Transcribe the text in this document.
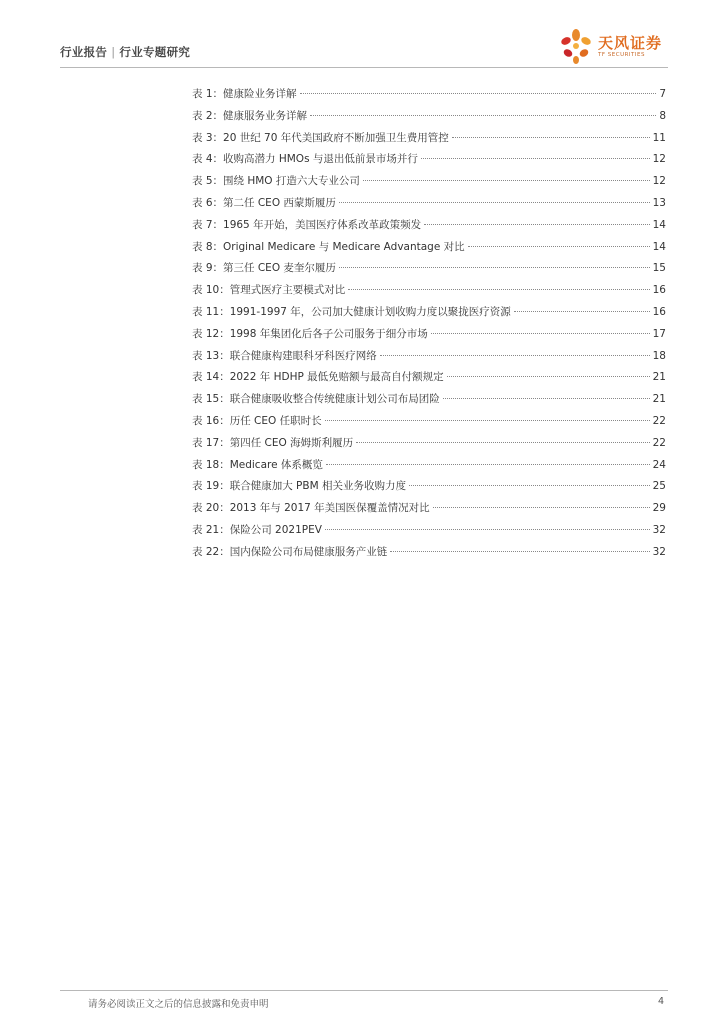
行业报告 | 行业专题研究	天风证券
TF SECURITIES
表 1：健康险业务详解	7
表 2：健康服务业务详解	8
表 3：20 世纪 70 年代美国政府不断加强卫生费用管控	11
表 4：收购高潜力 HMOs 与退出低前景市场并行	12
表 5：围绕 HMO 打造六大专业公司	12
表 6：第二任 CEO 西蒙斯履历	13
表 7：1965 年开始，美国医疗体系改革政策频发	14
表 8：Original Medicare 与 Medicare Advantage 对比	14
表 9：第三任 CEO 麦奎尔履历	15
表 10：管理式医疗主要模式对比	16
表 11：1991-1997 年，公司加大健康计划收购力度以聚拢医疗资源	16
表 12：1998 年集团化后各子公司服务于细分市场	17
表 13：联合健康构建眼科牙科医疗网络	18
表 14：2022 年 HDHP 最低免赔额与最高自付额规定	21
表 15：联合健康吸收整合传统健康计划公司布局团险	21
表 16：历任 CEO 任职时长	22
表 17：第四任 CEO 海姆斯利履历	22
表 18：Medicare 体系概览	24
表 19：联合健康加大 PBM 相关业务收购力度	25
表 20：2013 年与 2017 年美国医保覆盖情况对比	29
表 21：保险公司 2021PEV	32
表 22：国内保险公司布局健康服务产业链	32
请务必阅读正文之后的信息披露和免责申明	4
